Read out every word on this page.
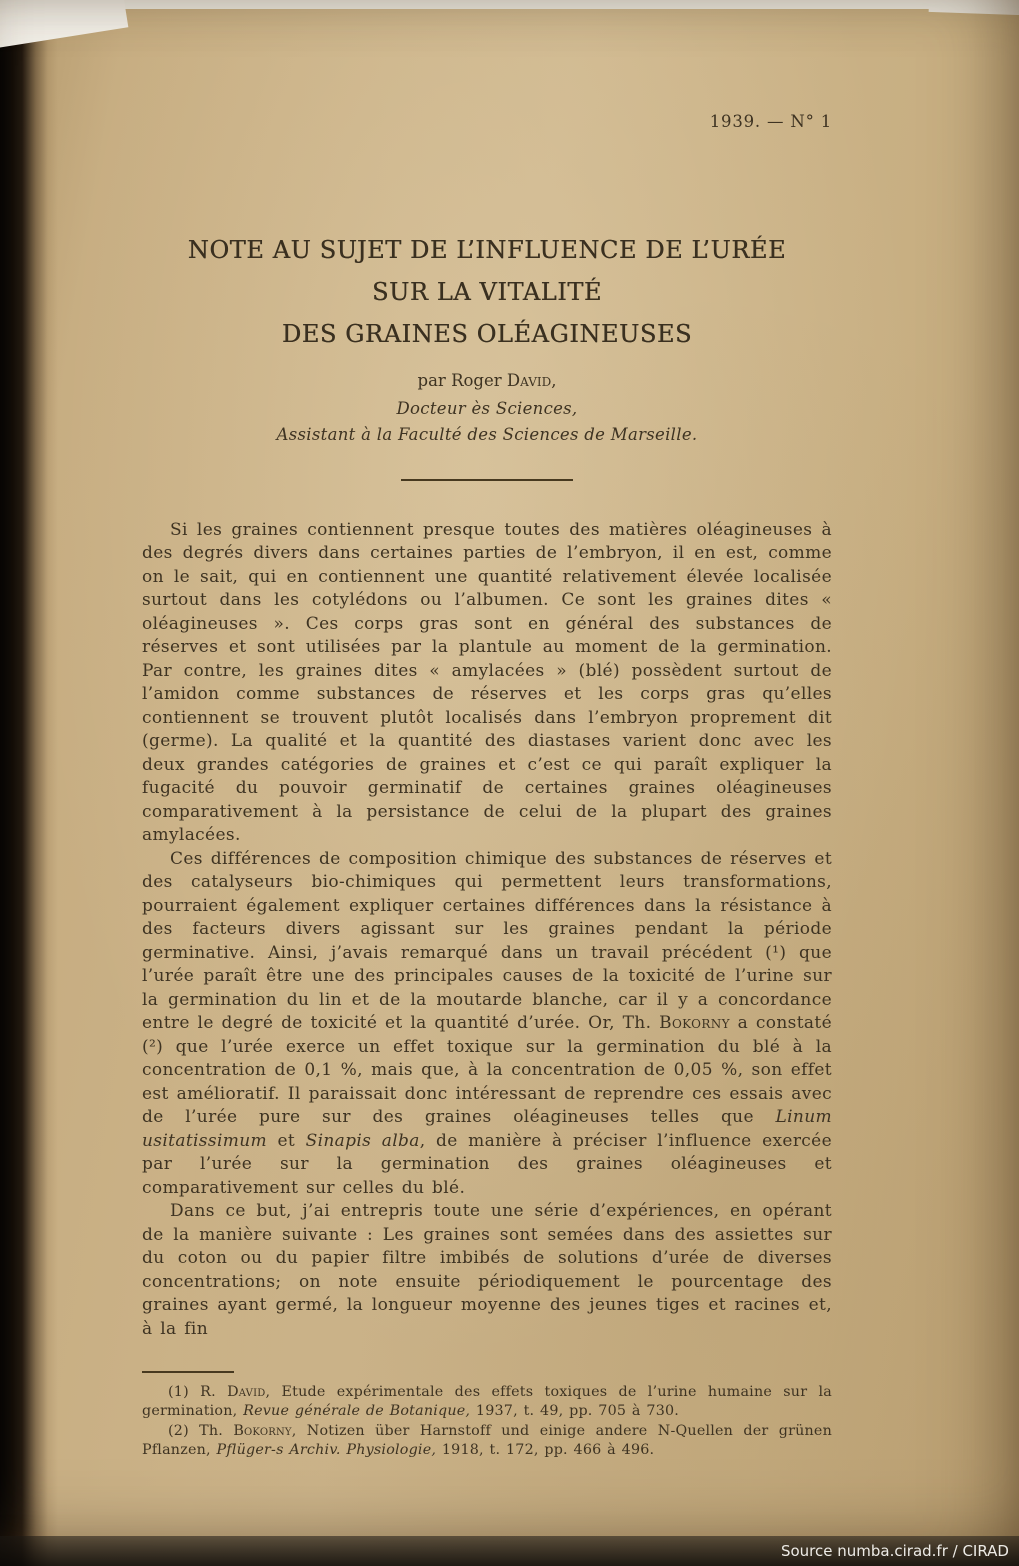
1939. — N° 1
NOTE AU SUJET DE L’INFLUENCE DE L’URÉE
SUR LA VITALITÉ
DES GRAINES OLÉAGINEUSES
par Roger David,
Docteur ès Sciences,
Assistant à la Faculté des Sciences de Marseille.

Si les graines contiennent presque toutes des matières oléagineuses à des degrés divers dans certaines parties de l’embryon, il en est, comme on le sait, qui en contiennent une quantité relativement élevée localisée surtout dans les cotylédons ou l’albumen. Ce sont les graines dites « oléagineuses ». Ces corps gras sont en général des substances de réserves et sont utilisées par la plantule au moment de la germination. Par contre, les graines dites « amylacées » (blé) possèdent surtout de l’amidon comme substances de réserves et les corps gras qu’elles contiennent se trouvent plutôt localisés dans l’embryon proprement dit (germe). La qualité et la quantité des diastases varient donc avec les deux grandes catégories de graines et c’est ce qui paraît expliquer la fugacité du pouvoir germinatif de certaines graines oléagineuses comparativement à la persistance de celui de la plupart des graines amylacées.

Ces différences de composition chimique des substances de réserves et des catalyseurs bio-chimiques qui permettent leurs transformations, pourraient également expliquer certaines différences dans la résistance à des facteurs divers agissant sur les graines pendant la période germinative. Ainsi, j’avais remarqué dans un travail précédent (¹) que l’urée paraît être une des principales causes de la toxicité de l’urine sur la germination du lin et de la moutarde blanche, car il y a concordance entre le degré de toxicité et la quantité d’urée. Or, Th. Bokorny a constaté (²) que l’urée exerce un effet toxique sur la germination du blé à la concentration de 0,1 %, mais que, à la concentration de 0,05 %, son effet est amélioratif. Il paraissait donc intéressant de reprendre ces essais avec de l’urée pure sur des graines oléagineuses telles que Linum usitatissimum et Sinapis alba, de manière à préciser l’influence exercée par l’urée sur la germination des graines oléagineuses et comparativement sur celles du blé.

Dans ce but, j’ai entrepris toute une série d’expériences, en opérant de la manière suivante : Les graines sont semées dans des assiettes sur du coton ou du papier filtre imbibés de solutions d’urée de diverses concentrations; on note ensuite périodiquement le pourcentage des graines ayant germé, la longueur moyenne des jeunes tiges et racines et, à la fin

(1) R. David, Etude expérimentale des effets toxiques de l’urine humaine sur la germination, Revue générale de Botanique, 1937, t. 49, pp. 705 à 730.

(2) Th. Bokorny, Notizen über Harnstoff und einige andere N-Quellen der grünen Pflanzen, Pflüger-s Archiv. Physiologie, 1918, t. 172, pp. 466 à 496.

Source numba.cirad.fr / CIRAD
